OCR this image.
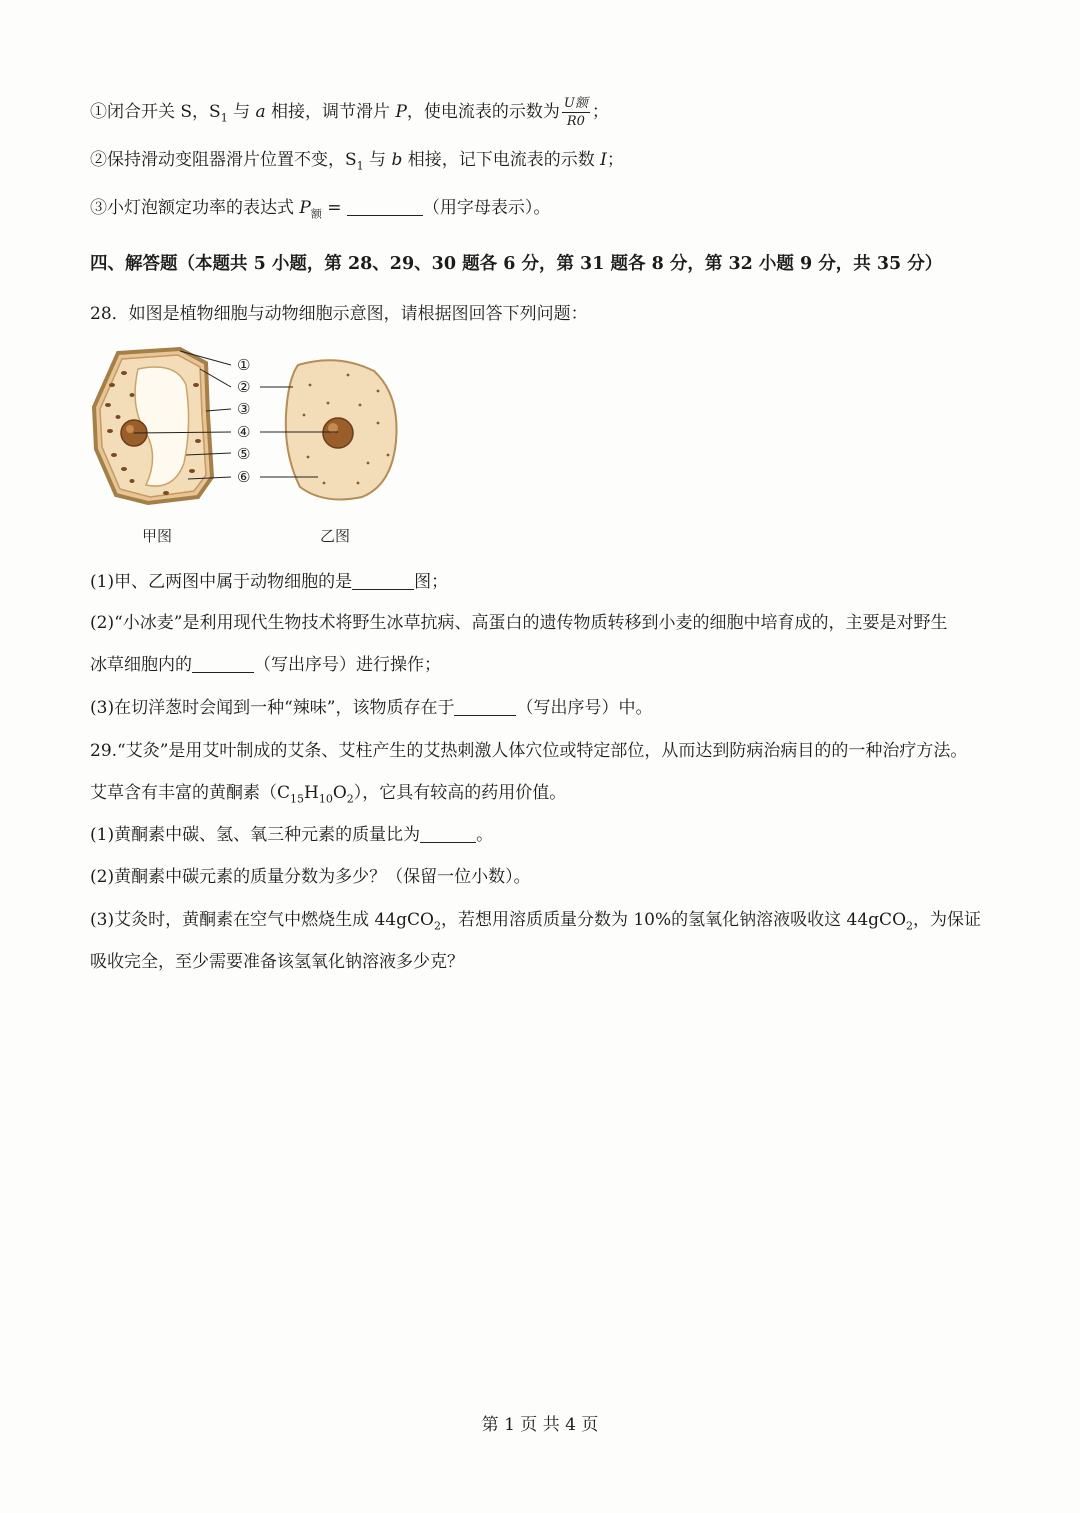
①闭合开关 S，$S_1$ 与 a 相接，调节滑片 P，使电流表的示数为 $\frac{\text{U额}}{R0}$ ；
②保持滑动变阻器滑片位置不变，$S_1$ 与 b 相接，记下电流表的示数 I；
③小灯泡额定功率的表达式 $P_额$ =	（用字母表示）。
四、解答题（本题共 5 小题，第 28、29、30 题各 6 分，第 31 题各 8 分，第 32 小题 9 分，共 35 分）
28．如图是植物细胞与动物细胞示意图，请根据图回答下列问题：
①
②
③
④
⑤
⑥
甲图	乙图
(1)甲、乙两图中属于动物细胞的是	图；
(2)“小冰麦”是利用现代生物技术将野生冰草抗病、高蛋白的遗传物质转移到小麦的细胞中培育成的，主要是对野生
冰草细胞内的	（写出序号）进行操作；
(3)在切洋葱时会闻到一种“辣味”，该物质存在于	（写出序号）中。
29.“艾灸”是用艾叶制成的艾条、艾柱产生的艾热刺激人体穴位或特定部位，从而达到防病治病目的的一种治疗方法。
艾草含有丰富的黄酮素$(C_{15}H_{10}O_2)$，它具有较高的药用价值。
(1)黄酮素中碳、氢、氧三种元素的质量比为	。
(2)黄酮素中碳元素的质量分数为多少？（保留一位小数）。
(3)艾灸时，黄酮素在空气中燃烧生成 44gCO$_2$，若想用溶质质量分数为 10%的氢氧化钠溶液吸收这 44gCO$_2$，为保证
吸收完全，至少需要准备该氢氧化钠溶液多少克？
第 1 页 共 4 页
